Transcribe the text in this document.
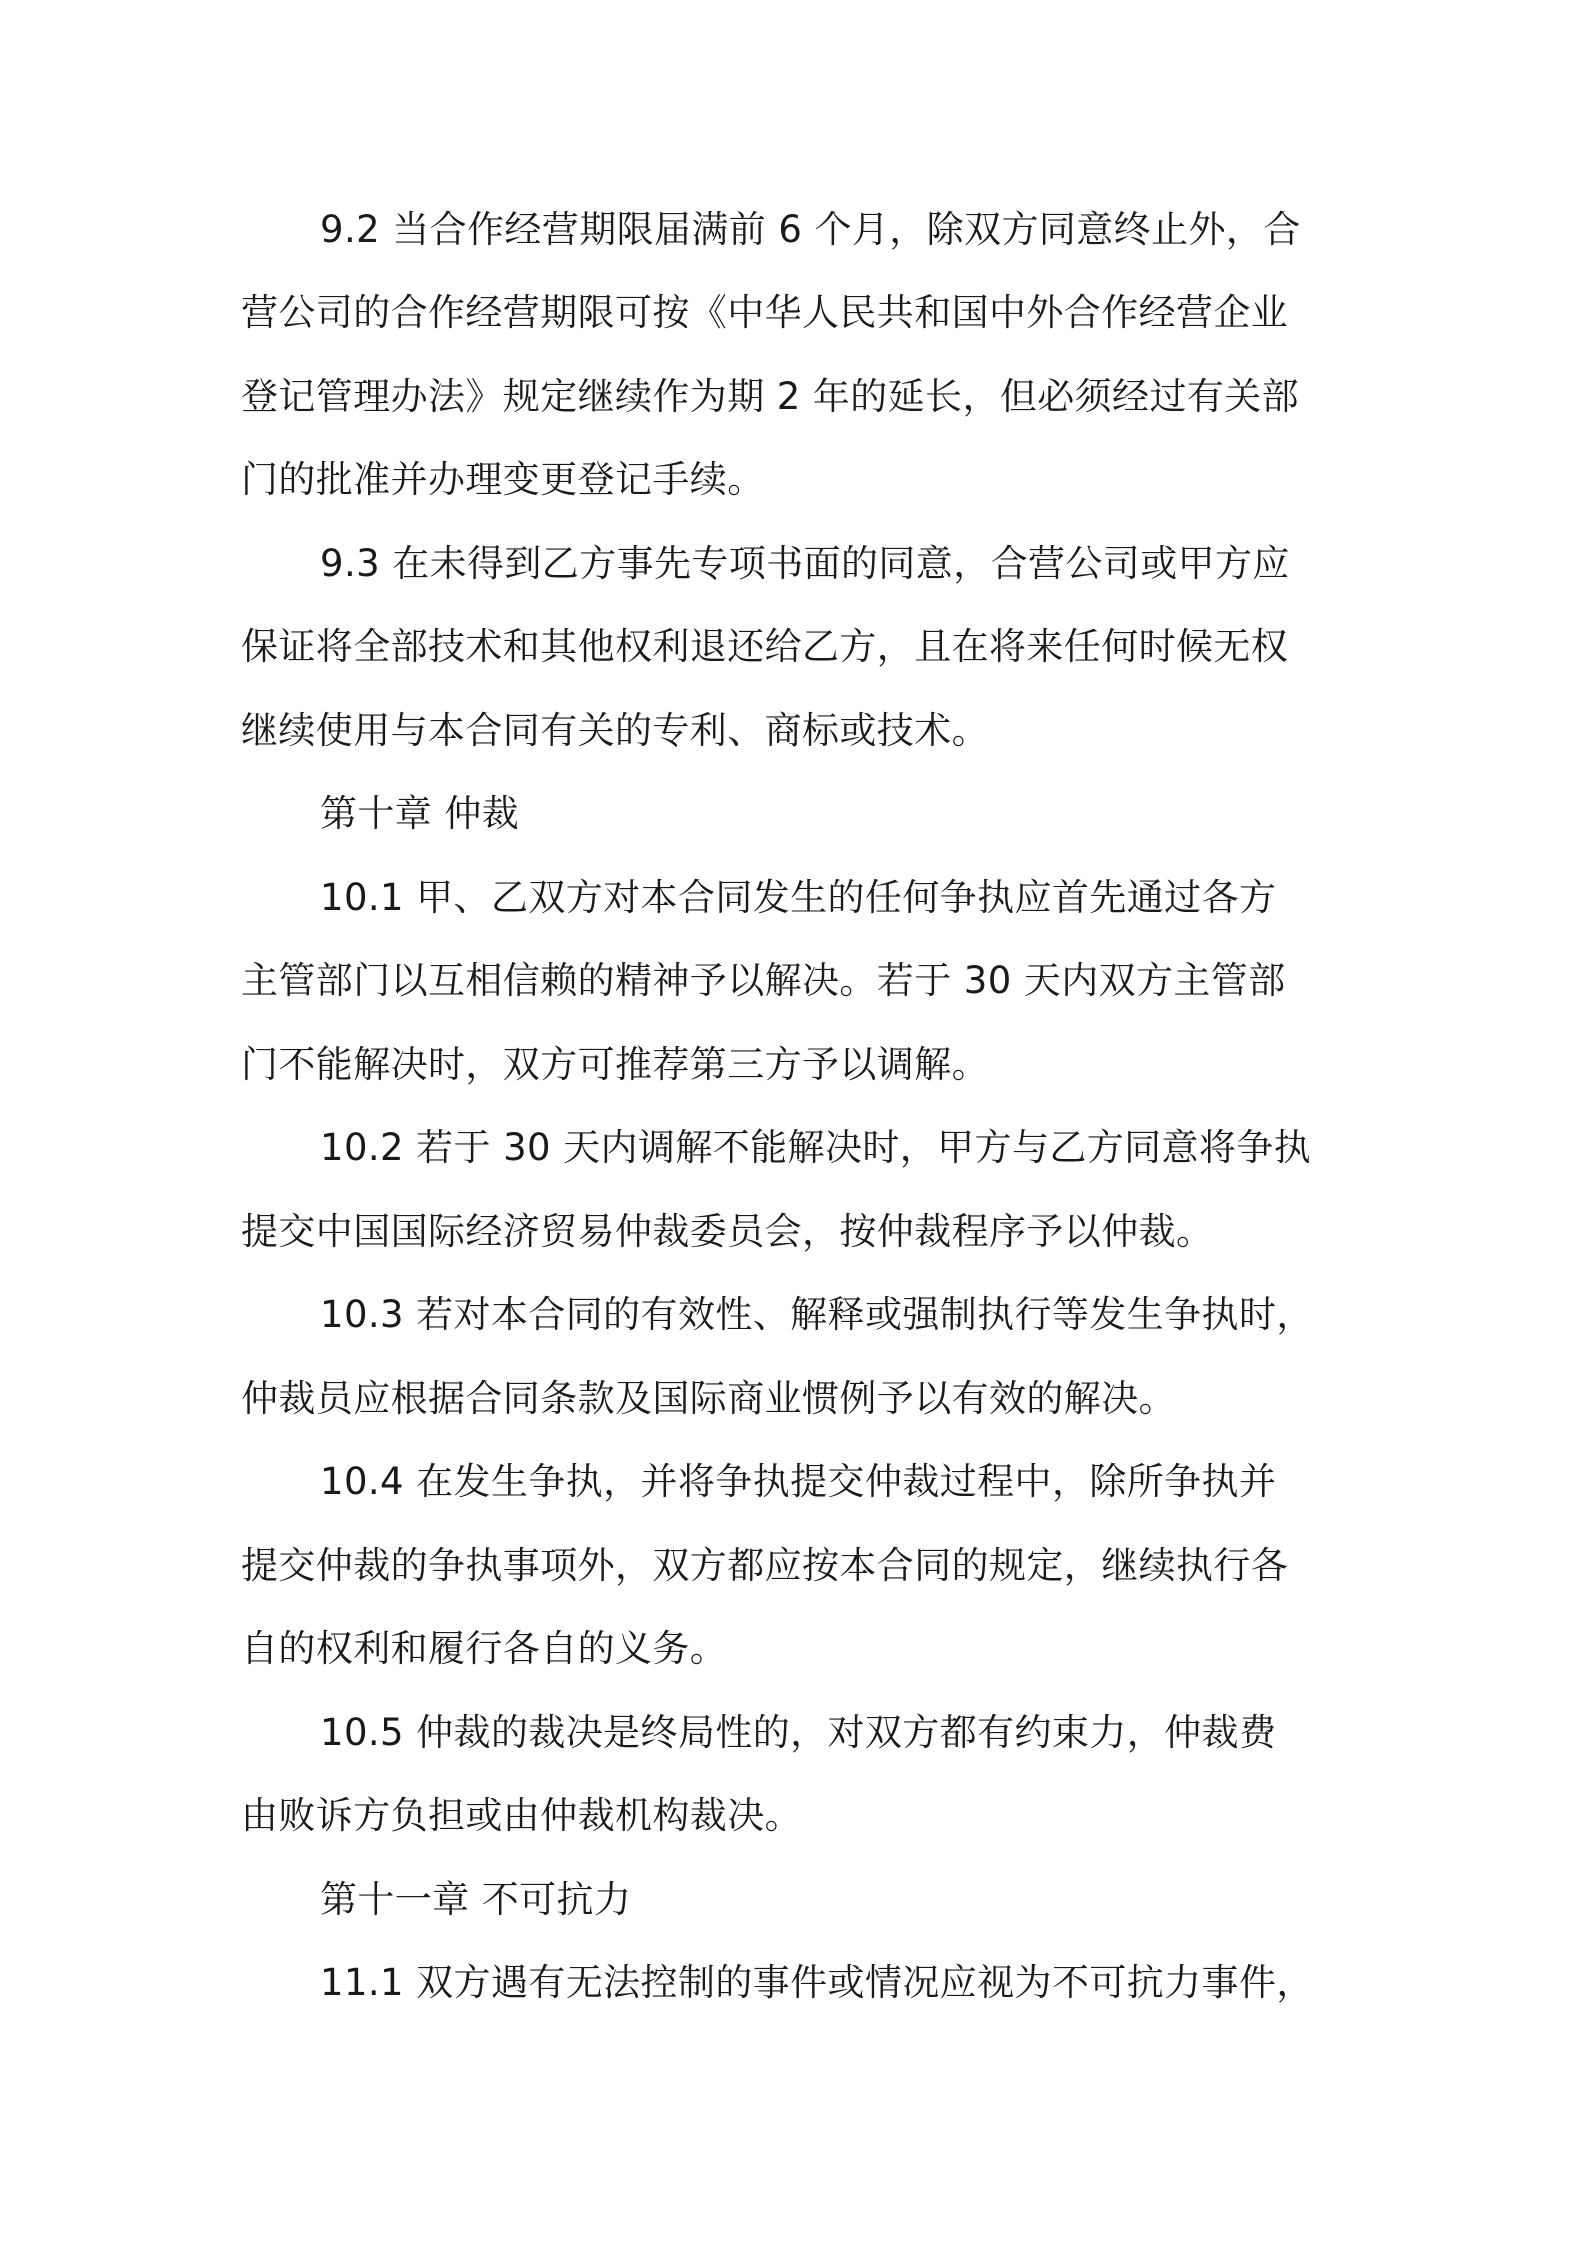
9.2 当合作经营期限届满前 6 个月，除双方同意终止外，合
营公司的合作经营期限可按《中华人民共和国中外合作经营企业
登记管理办法》规定继续作为期 2 年的延长，但必须经过有关部
门的批准并办理变更登记手续。
9.3 在未得到乙方事先专项书面的同意，合营公司或甲方应
保证将全部技术和其他权利退还给乙方，且在将来任何时候无权
继续使用与本合同有关的专利、商标或技术。
第十章 仲裁
10.1 甲、乙双方对本合同发生的任何争执应首先通过各方
主管部门以互相信赖的精神予以解决。若于 30 天内双方主管部
门不能解决时，双方可推荐第三方予以调解。
10.2 若于 30 天内调解不能解决时，甲方与乙方同意将争执
提交中国国际经济贸易仲裁委员会，按仲裁程序予以仲裁。
10.3 若对本合同的有效性、解释或强制执行等发生争执时，
仲裁员应根据合同条款及国际商业惯例予以有效的解决。
10.4 在发生争执，并将争执提交仲裁过程中，除所争执并
提交仲裁的争执事项外，双方都应按本合同的规定，继续执行各
自的权利和履行各自的义务。
10.5 仲裁的裁决是终局性的，对双方都有约束力，仲裁费
由败诉方负担或由仲裁机构裁决。
第十一章 不可抗力
11.1 双方遇有无法控制的事件或情况应视为不可抗力事件，
